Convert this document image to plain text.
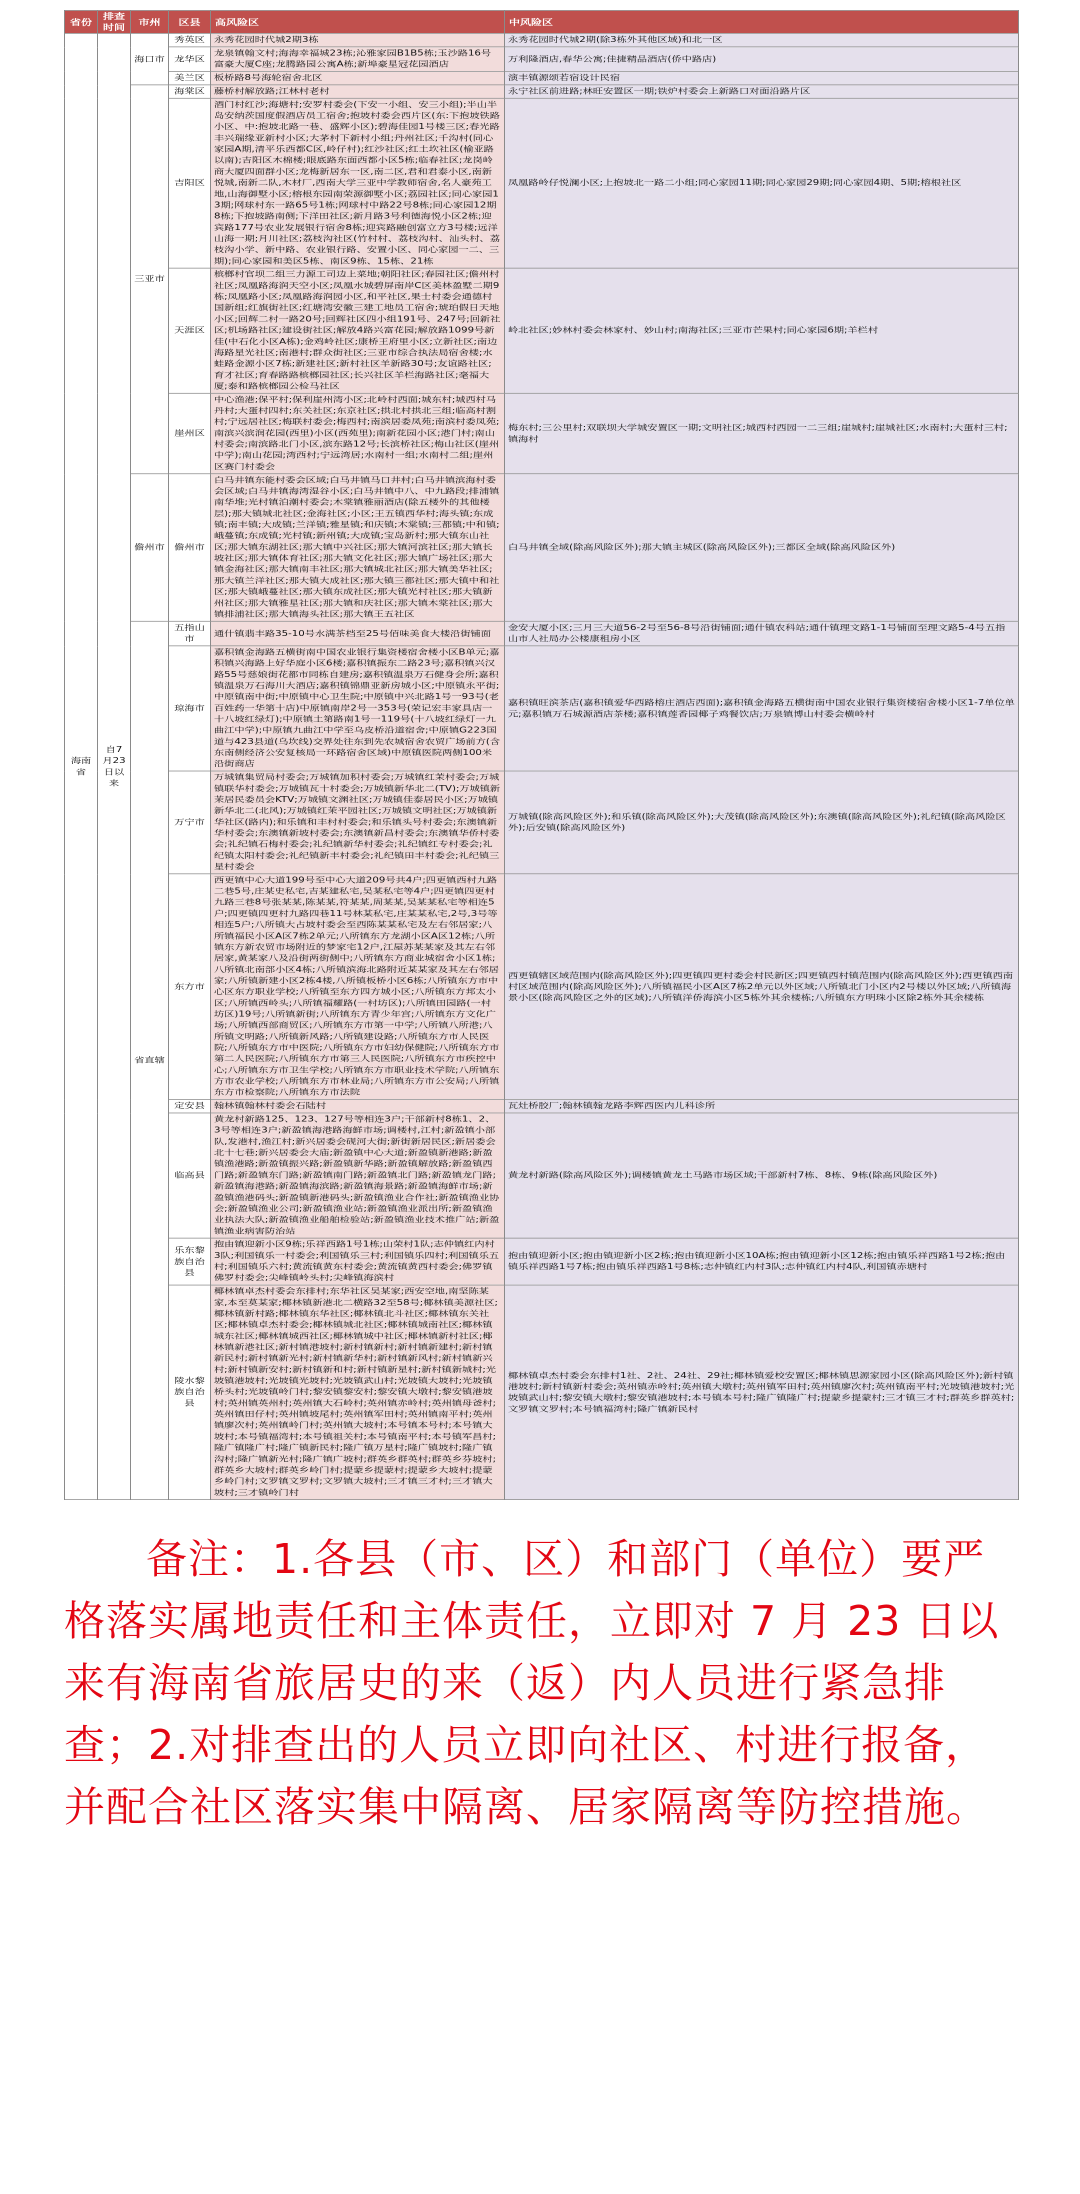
省份	排查时间	市州	区县	高风险区	中风险区
海南省	自7月23日以来	海口市	秀英区	永秀花园时代城2期3栋	永秀花园时代城2期(除3栋外其他区域)和北一区
			龙华区	龙泉镇翰文村;海海幸福城23栋;沁雅家园B1B5栋;玉沙路16号富豪大厦C座;龙腾路园公寓A栋;新埠豪星冠花园酒店	万利隆酒店,春华公寓;佳捷精品酒店(侨中路店)
			美兰区	板桥路8号海轮宿舍北区	演丰镇源颂若宿设计民宿
		三亚市	海棠区	藤桥村解放路;江林村老村	永宁社区前进路;林旺安置区一期;铁炉村委会上新路口对面沿路片区
			吉阳区	酒门村红沙;海塘村;安罗村委会(下安一小组、安三小组);半山半岛安纳茨国度假酒店员工宿舍;抱坡村委会西片区(东:下抱坡铁路小区、中:抱坡北路一巷、盛辉小区);碧海佳园1号楼三区;春光路丰兴瑞缘亚新村小区;大茅村下新村小组;丹州社区;千沟村(同心家园A期,清平乐西都C区,岭仔村);红沙社区;红土坎社区(榆亚路以南);吉阳区木棉楼;眼底路东面西都小区5栋;临春社区;龙岗岭商大厦四面群小区;龙梅新居东一区,南二区,君和君泰小区,南新悦城,南新二队,木材厂,西南大学三亚中学教师宿舍,名人豪苑工地,山海御墅小区;榕根东园南荣源御墅小区;荔园社区;同心家园13期;网球村东一路65号1栋;网球村中路22号8栋;同心家园12期8栋;下抱坡路南侧;下洋田社区;新月路3号利德海悦小区2栋;迎宾路177号农业发展银行宿舍8栋;迎宾路融创富立方3号楼;远洋山海一期;月川社区;荔枝沟社区(竹村村、荔枝沟村、汕头村、荔枝沟小学、新中路、农业银行路、安置小区、同心家园一二、三期);同心家园和美区5栋、南区9栋、15栋、21栋	凤凰路岭仔悦澜小区;上抱坡北一路二小组;同心家园11期;同心家园29期;同心家园4期、5期;榕根社区
			天涯区	槟榔村官坝二组三力源工司边上菜地;朝阳社区;春园社区;儋州村社区;凤凰路海润天空小区;凤凰水城碧屏南岸C区美林盈墅二期9栋;凤凰路小区;凤凰路海润园小区,和平社区,果士村委会通德村国新组;红旗街社区;红塘湾安徽三建工地员工宿舍;琥珀假日天地小区;回辉二村一路20号;回辉社区四小组191号、247号;回新社区;机场路社区;建设街社区;解放4路兴富花园;解放路1099号新佳(中石化小区A栋);金鸡岭社区;康桥王府里小区;立新社区;南边海路星光社区;南港村;群众街社区;三亚市综合执法局宿舍楼;水蛙路金源小区7栋;新建社区;新村社区羊新路30号;友谊路社区;育才社区;育春路路槟榔园社区;长兴社区羊栏海路社区;毫福大厦;泰和路槟榔园公检马社区	岭北社区;妙林村委会林家村、妙山村;南海社区;三亚市芒果村;同心家园6期;羊栏村
			崖州区	中心渔港;保平村;保利崖州湾小区;北岭村西面;城东村;城西村马丹村;大蛋村四村;东关社区;东京社区;拱北村拱北三组;临高村割村;宁远居社区;梅联村委会;梅西村;南滨居委凤苑;南滨村委凤苑;南滨兴滨润花园(西里)小区(西苑里);南新花园小区;港门村;南山村委会;南滨路北门小区,滨东路12号;长滨桥社区;梅山社区(崖州中学);南山花园;湾西村;宁远湾居;水南村一组;水南村二组;崖州区赛门村委会	梅东村;三公里村;双联坝大学城安置区一期;文明社区;城西村西园一二三组;崖城村;崖城社区;水南村;大蛋村三村;镇海村
		儋州市	儋州市	白马井镇东能村委会区域;白马井镇马口井村;白马井镇滨海村委会区域;白马井镇海湾湿谷小区;白马井镇中八、中九路段;排浦镇南华堆;光村镇泊潮村委会;木棠镇雅丽酒店(除五楼外的其他楼层);那大镇城北社区;金海社区;小区;王五镇西华村;海头镇;东成镇;南丰镇;大成镇;兰洋镇;雅星镇;和庆镇;木棠镇;三都镇;中和镇;峨蔓镇;东成镇;光村镇;新州镇;大成镇;宝岛新村;那大镇东山社区;那大镇东湖社区;那大镇中兴社区;那大镇河滨社区;那大镇长坡社区;那大镇体育社区;那大镇文化社区;那大镇广场社区;那大镇金海社区;那大镇南丰社区;那大镇城北社区;那大镇美华社区;那大镇兰洋社区;那大镇大成社区;那大镇三都社区;那大镇中和社区;那大镇峨蔓社区;那大镇东成社区;那大镇光村社区;那大镇新州社区;那大镇雅星社区;那大镇和庆社区;那大镇木棠社区;那大镇排浦社区;那大镇海头社区;那大镇王五社区	白马井镇全域(除高风险区外);那大镇主城区(除高风险区外);三都区全域(除高风险区外)
		省直辖	五指山市	通什镇翡丰路35-10号水满茶档至25号佰味美食大楼沿街铺面	金安大厦小区;三月三大道56-2号至56-8号沿街铺面;通什镇农科站;通什镇理文路1-1号铺面至理文路5-4号五指山市人社局办公楼康租房小区
			琼海市	嘉积镇金海路五横街南中国农业银行集资楼宿舍楼小区B单元;嘉积镇兴海路上好华庭小区6楼;嘉积镇振东二路23号;嘉积镇兴汉路55号慈娘街花都市同栋自建房;嘉积镇温泉万石健身会所;嘉积镇温泉万石海川大酒店;嘉积镇锦鼎亚新房城小区;中原镇永平街;中原镇南中街;中原镇中心卫生院;中原镇中兴北路1号一93号(老百姓药一华第十店)中原镇南岸2号一353号(荣记宏丰家具店一十八坡红绿灯);中原镇土第路南1号一119号(十八坡红绿灯一九曲江中学);中原镇九曲江中学至乌皮桥沿道宿舍;中原镇G223国道与423县道(乌坎线)交界处往东到先农城宿舍农贸广场前方(含东南侧经济公安复核局一环路宿舍区域)中原镇医院两侧100米沿街商店	嘉积镇旺滨茶店(嘉积镇爱华西路榕庄酒店西面);嘉积镇金海路五横街南中国农业银行集资楼宿舍楼小区1-7单位单元;嘉积镇万石城源酒店茶楼;嘉积镇莲香园椰子鸡餐饮店;万泉镇博山村委会横岭村
			万宁市	万城镇集贸局村委会;万城镇加积村委会;万城镇红茉村委会;万城镇联华村委会;万城镇瓦十村委会;万城镇新华北二(TV);万城镇新茉居民委员会KTV;万城镇文渊社区;万城镇佳泰居民小区;万城镇新华北二(北风);万城镇红茉平园社区;万城镇文明社区;万城镇新华社区(路内);和乐镇和丰村村委会;和乐镇头号村委会;东澳镇新华村委会;东澳镇新坡村委会;东澳镇新昌村委会;东澳镇华侨村委会;礼纪镇石梅村委会;礼纪镇新华村委会;礼纪镇红专村委会;礼纪镇太阳村委会;礼纪镇新丰村委会;礼纪镇田丰村委会;礼纪镇三星村委会	万城镇(除高风险区外);和乐镇(除高风险区外);大茂镇(除高风险区外);东澳镇(除高风险区外);礼纪镇(除高风险区外);后安镇(除高风险区外)
			东方市	西更镇中心大道199号至中心大道209号共4户;四更镇西村九路二巷5号,庄某史私宅,吉某建私宅,吴某私宅等4户;四更镇四更村九路三巷8号张某某,陈某某,符某某,周某某,吴某某私宅等相连5户;四更镇四更村九路四巷11号林某私宅,庄某某私宅,2号,3号等相连5户;八所镇大占坡村委会至西陈某某私宅及左右邻居家;八所镇福民小区A区7栋2单元;八所镇东方龙湖小区A区12栋;八所镇东方新农贸市场附近的梦家宅12户,江屋苏某某家及其左右邻居家,黄某家八及沿街两街侧中;八所镇东方商业城宿舍小区1栋;八所镇北南部小区4栋;八所镇滨海北路附近某某家及其左右邻居家;八所镇新建小区2栋4楼,八所镇板桥小区6栋;八所镇东方市中心区东方职业学校;八所镇至东方四方城小区;八所镇东方邦太小区;八所镇西岭头;八所镇福耀路(一村坊区);八所镇田园路(一村坊区)19号;八所镇新街;八所镇东方青少年宫;八所镇东方文化广场;八所镇西部商贸区;八所镇东方市第一中学;八所镇八所港;八所镇文明路;八所镇新风路;八所镇建设路;八所镇东方市人民医院;八所镇东方市中医院;八所镇东方市妇幼保健院;八所镇东方市第二人民医院;八所镇东方市第三人民医院;八所镇东方市疾控中心;八所镇东方市卫生学校;八所镇东方市职业技术学院;八所镇东方市农业学校;八所镇东方市林业局;八所镇东方市公安局;八所镇东方市检察院;八所镇东方市法院	西更镇辖区域范围内(除高风险区外);四更镇四更村委会村民新区;四更镇西村镇范围内(除高风险区外);西更镇西南村区域范围内(除高风险区外);八所镇福民小区A区7栋2单元以外区域;八所镇北门小区内2号楼以外区域;八所镇海景小区(除高风险区之外的区域);八所镇洋侨海滨小区5栋外其余楼栋;八所镇东方明珠小区除2栋外其余楼栋
			定安县	翰林镇翰林村委会石陆村	瓦灶桥胶厂;翰林镇翰龙路李辉西医内儿科诊所
			临高县	黄龙村新路125、123、127号等相连3户;干部新村8栋1、2、3号等相连3户;新盈镇海港路海鲜市场;调楼村,江村;新盈镇小部队,发港村,渔江村;新兴居委会砚河大街;新街新居民区;新居委会北十七巷;新兴居委会大庙;新盈镇中心大道;新盈镇新港路;新盈镇渔港路;新盈镇振兴路;新盈镇新华路;新盈镇解放路;新盈镇西门路;新盈镇东门路;新盈镇南门路;新盈镇北门路;新盈镇龙门路;新盈镇海港路;新盈镇海滨路;新盈镇海景路;新盈镇海鲜市场;新盈镇渔港码头;新盈镇新港码头;新盈镇渔业合作社;新盈镇渔业协会;新盈镇渔业公司;新盈镇渔业站;新盈镇渔业派出所;新盈镇渔业执法大队;新盈镇渔业船舶检验站;新盈镇渔业技术推广站;新盈镇渔业病害防治站	黄龙村新路(除高风险区外);调楼镇黄龙土马路市场区域;干部新村7栋、8栋、9栋(除高风险区外)
			乐东黎族自治县	抱由镇迎新小区9栋;乐祥西路1号1栋;山荣村1队;志仲镇红内村3队;利国镇乐一村委会;利国镇乐三村;利国镇乐四村;利国镇乐五村;利国镇乐六村;黄流镇黄东村委会;黄流镇黄西村委会;佛罗镇佛罗村委会;尖峰镇岭头村;尖峰镇海滨村	抱由镇迎新小区;抱由镇迎新小区2栋;抱由镇迎新小区10A栋;抱由镇迎新小区12栋;抱由镇乐祥西路1号2栋;抱由镇乐祥西路1号7栋;抱由镇乐祥西路1号8栋;志仲镇红内村3队;志仲镇红内村4队,利国镇赤塘村
			陵水黎族自治县	椰林镇卓杰村委会东排村;东华社区吴某家;西安空地,南坚陈某家,本至莫某家;椰林镇新港北二横路32至58号;椰林镇美源社区;椰林镇新村路;椰林镇东华社区;椰林镇北斗社区;椰林镇东关社区;椰林镇卓杰村委会;椰林镇城北社区;椰林镇城南社区;椰林镇城东社区;椰林镇城西社区;椰林镇城中社区;椰林镇新村社区;椰林镇新港社区;新村镇港坡村;新村镇新村;新村镇新建村;新村镇新民村;新村镇新光村;新村镇新华村;新村镇新风村;新村镇新兴村;新村镇新安村;新村镇新和村;新村镇新星村;新村镇新城村;光坡镇港坡村;光坡镇光坡村;光坡镇武山村;光坡镇大坡村;光坡镇桥头村;光坡镇岭门村;黎安镇黎安村;黎安镇大墩村;黎安镇港坡村;英州镇英州村;英州镇大石岭村;英州镇赤岭村;英州镇母爸村;英州镇田仔村;英州镇坡尾村;英州镇军田村;英州镇南平村;英州镇廖次村;英州镇岭门村;英州镇大坡村;本号镇本号村;本号镇大坡村;本号镇福湾村;本号镇祖关村;本号镇南平村;本号镇军昌村;隆广镇隆广村;隆广镇新民村;隆广镇万星村;隆广镇坡村;隆广镇沟村;隆广镇新光村;隆广镇广坡村;群英乡群英村;群英乡芬坡村;群英乡大坡村;群英乡岭门村;提蒙乡提蒙村;提蒙乡大坡村;提蒙乡岭门村;文罗镇文罗村;文罗镇大坡村;三才镇三才村;三才镇大坡村;三才镇岭门村	椰林镇卓杰村委会东排村1社、2社、24社、29社;椰林镇爱校安置区;椰林镇思源家园小区(除高风险区外);新村镇港坡村;新村镇新村委会;英州镇赤岭村;英州镇大墩村;英州镇军田村;英州镇廖次村;英州镇南平村;光坡镇港坡村;光坡镇武山村;黎安镇大墩村;黎安镇港坡村;本号镇本号村;隆广镇隆广村;提蒙乡提蒙村;三才镇三才村;群英乡群英村;文罗镇文罗村;本号镇福湾村;隆广镇新民村
备注：1.各县（市、区）和部门（单位）要严格落实属地责任和主体责任，立即对 7 月 23 日以来有海南省旅居史的来（返）内人员进行紧急排查；2.对排查出的人员立即向社区、村进行报备，并配合社区落实集中隔离、居家隔离等防控措施。
